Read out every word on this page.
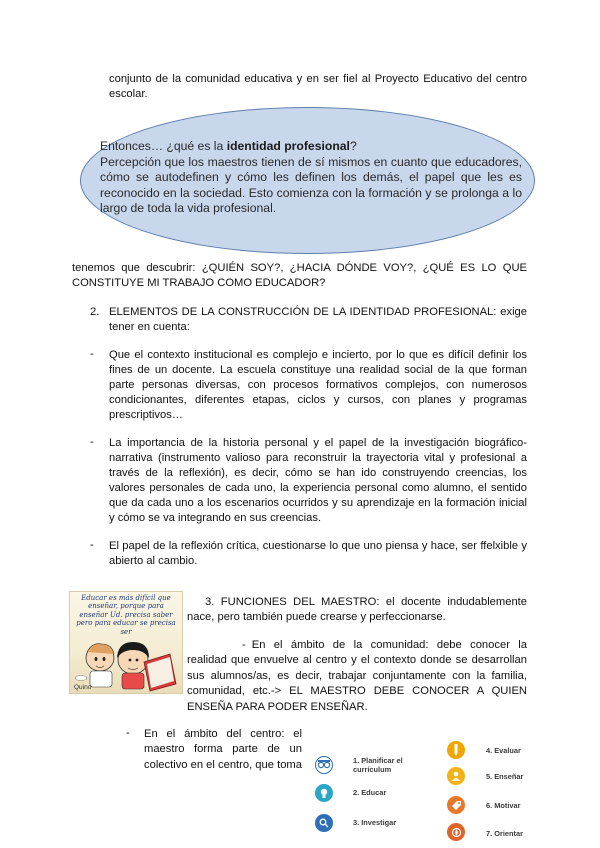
conjunto de la comunidad educativa y en ser fiel al Proyecto Educativo del centro escolar.
Entonces… ¿qué es la identidad profesional?
Percepción que los maestros tienen de sí mismos en cuanto que educadores, cómo se autodefinen y cómo les definen los demás, el papel que les es reconocido en la sociedad. Esto comienza con la formación y se prolonga a lo largo de toda la vida profesional.
tenemos que descubrir: ¿QUIÉN SOY?, ¿HACIA DÓNDE VOY?, ¿QUÉ ES LO QUE CONSTITUYE MI TRABAJO COMO EDUCADOR?
2. ELEMENTOS DE LA CONSTRUCCIÓN DE LA IDENTIDAD PROFESIONAL: exige tener en cuenta:
-	Que el contexto institucional es complejo e incierto, por lo que es difícil definir los fines de un docente. La escuela constituye una realidad social de la que forman parte personas diversas, con procesos formativos complejos, con numerosos condicionantes, diferentes etapas, ciclos y cursos, con planes y programas prescriptivos…
-	La importancia de la historia personal y el papel de la investigación biográfico-narrativa (instrumento valioso para reconstruir la trayectoria vital y profesional a través de la reflexión), es decir, cómo se han ido construyendo creencias, los valores personales de cada uno, la experiencia personal como alumno, el sentido que da cada uno a los escenarios ocurridos y su aprendizaje en la formación inicial y cómo se va integrando en sus creencias.
-	El papel de la reflexión crítica, cuestionarse lo que uno piensa y hace, ser ffelxible y abierto al cambio.
Educar es más difícil que enseñar, porque para enseñar Ud. precisa saber pero para educar se precisa ser
Quino
3. FUNCIONES DEL MAESTRO: el docente indudablemente nace, pero también puede crearse y perfeccionarse.
- En el ámbito de la comunidad: debe conocer la realidad que envuelve al centro y el contexto donde se desarrollan sus alumnos/as, es decir, trabajar conjuntamente con la familia, comunidad, etc.-> EL MAESTRO DEBE CONOCER A QUIEN ENSEÑA PARA PODER ENSEÑAR.
-	En el ámbito del centro: el maestro forma parte de un colectivo en el centro, que toma	1. Planificar el currículum
2. Educar
3. Investigar
4. Evaluar
5. Enseñar
6. Motivar
7. Orientar
